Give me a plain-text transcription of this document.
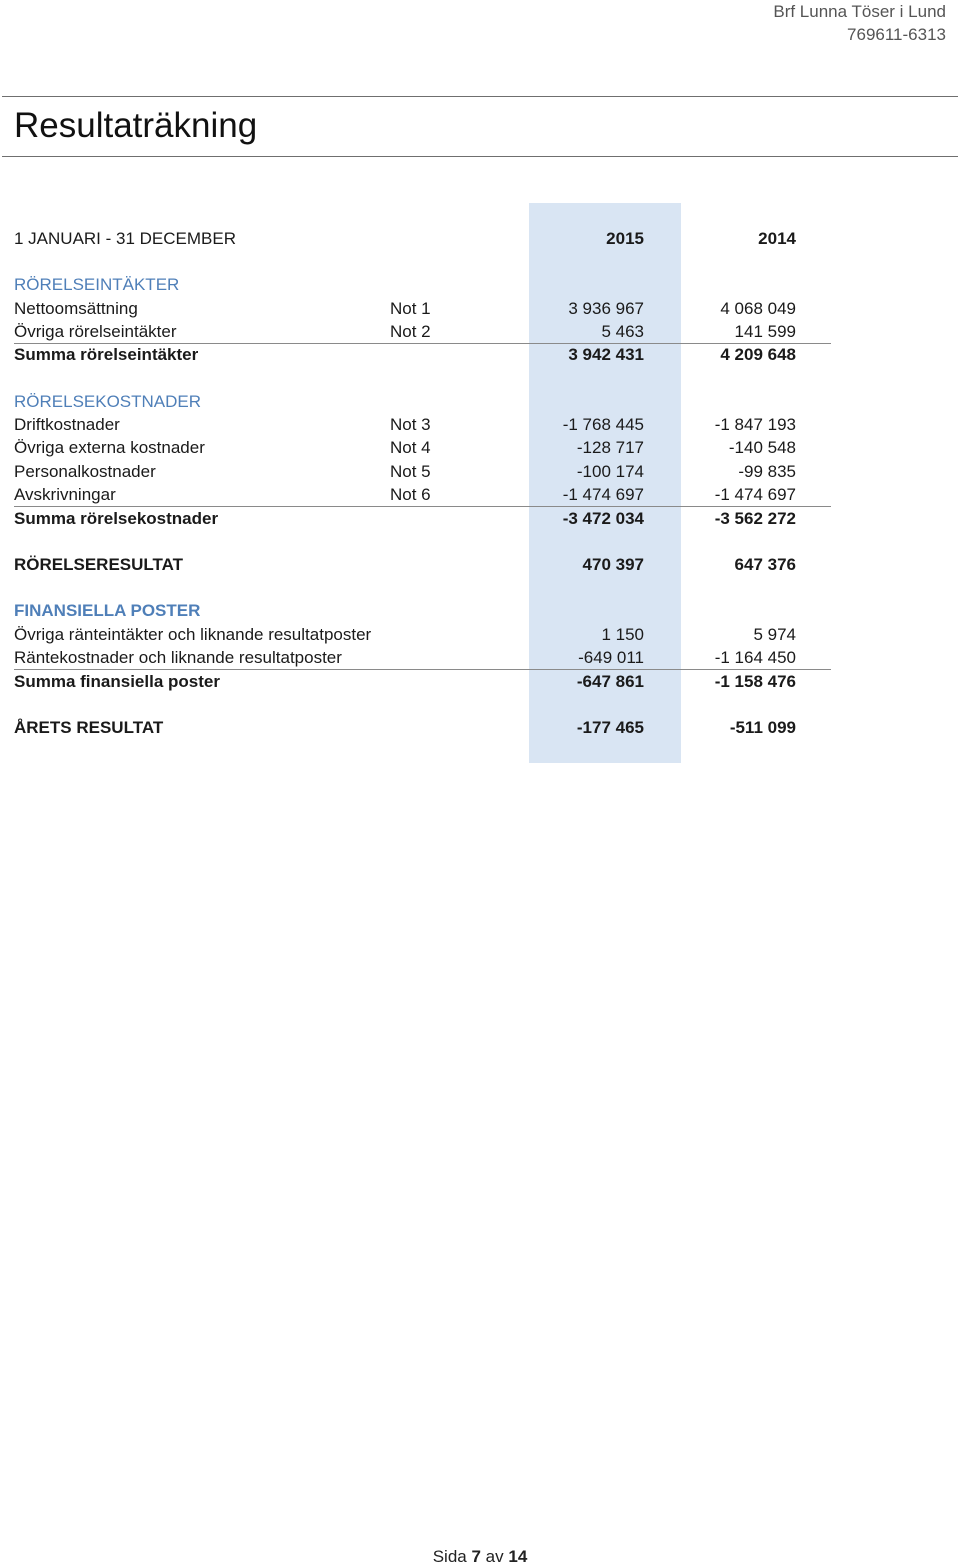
Brf Lunna Töser i Lund
769611-6313
Resultaträkning
1 JANUARI - 31 DECEMBER	2015	2014
RÖRELSEINTÄKTER
Nettoomsättning	Not 1	3 936 967	4 068 049
Övriga rörelseintäkter	Not 2	5 463	141 599
Summa rörelseintäkter	3 942 431	4 209 648
RÖRELSEKOSTNADER
Driftkostnader	Not 3	-1 768 445	-1 847 193
Övriga externa kostnader	Not 4	-128 717	-140 548
Personalkostnader	Not 5	-100 174	-99 835
Avskrivningar	Not 6	-1 474 697	-1 474 697
Summa rörelsekostnader	-3 472 034	-3 562 272
RÖRELSERESULTAT	470 397	647 376
FINANSIELLA POSTER
Övriga ränteintäkter och liknande resultatposter	1 150	5 974
Räntekostnader och liknande resultatposter	-649 011	-1 164 450
Summa finansiella poster	-647 861	-1 158 476
ÅRETS RESULTAT	-177 465	-511 099
Sida 7 av 14
